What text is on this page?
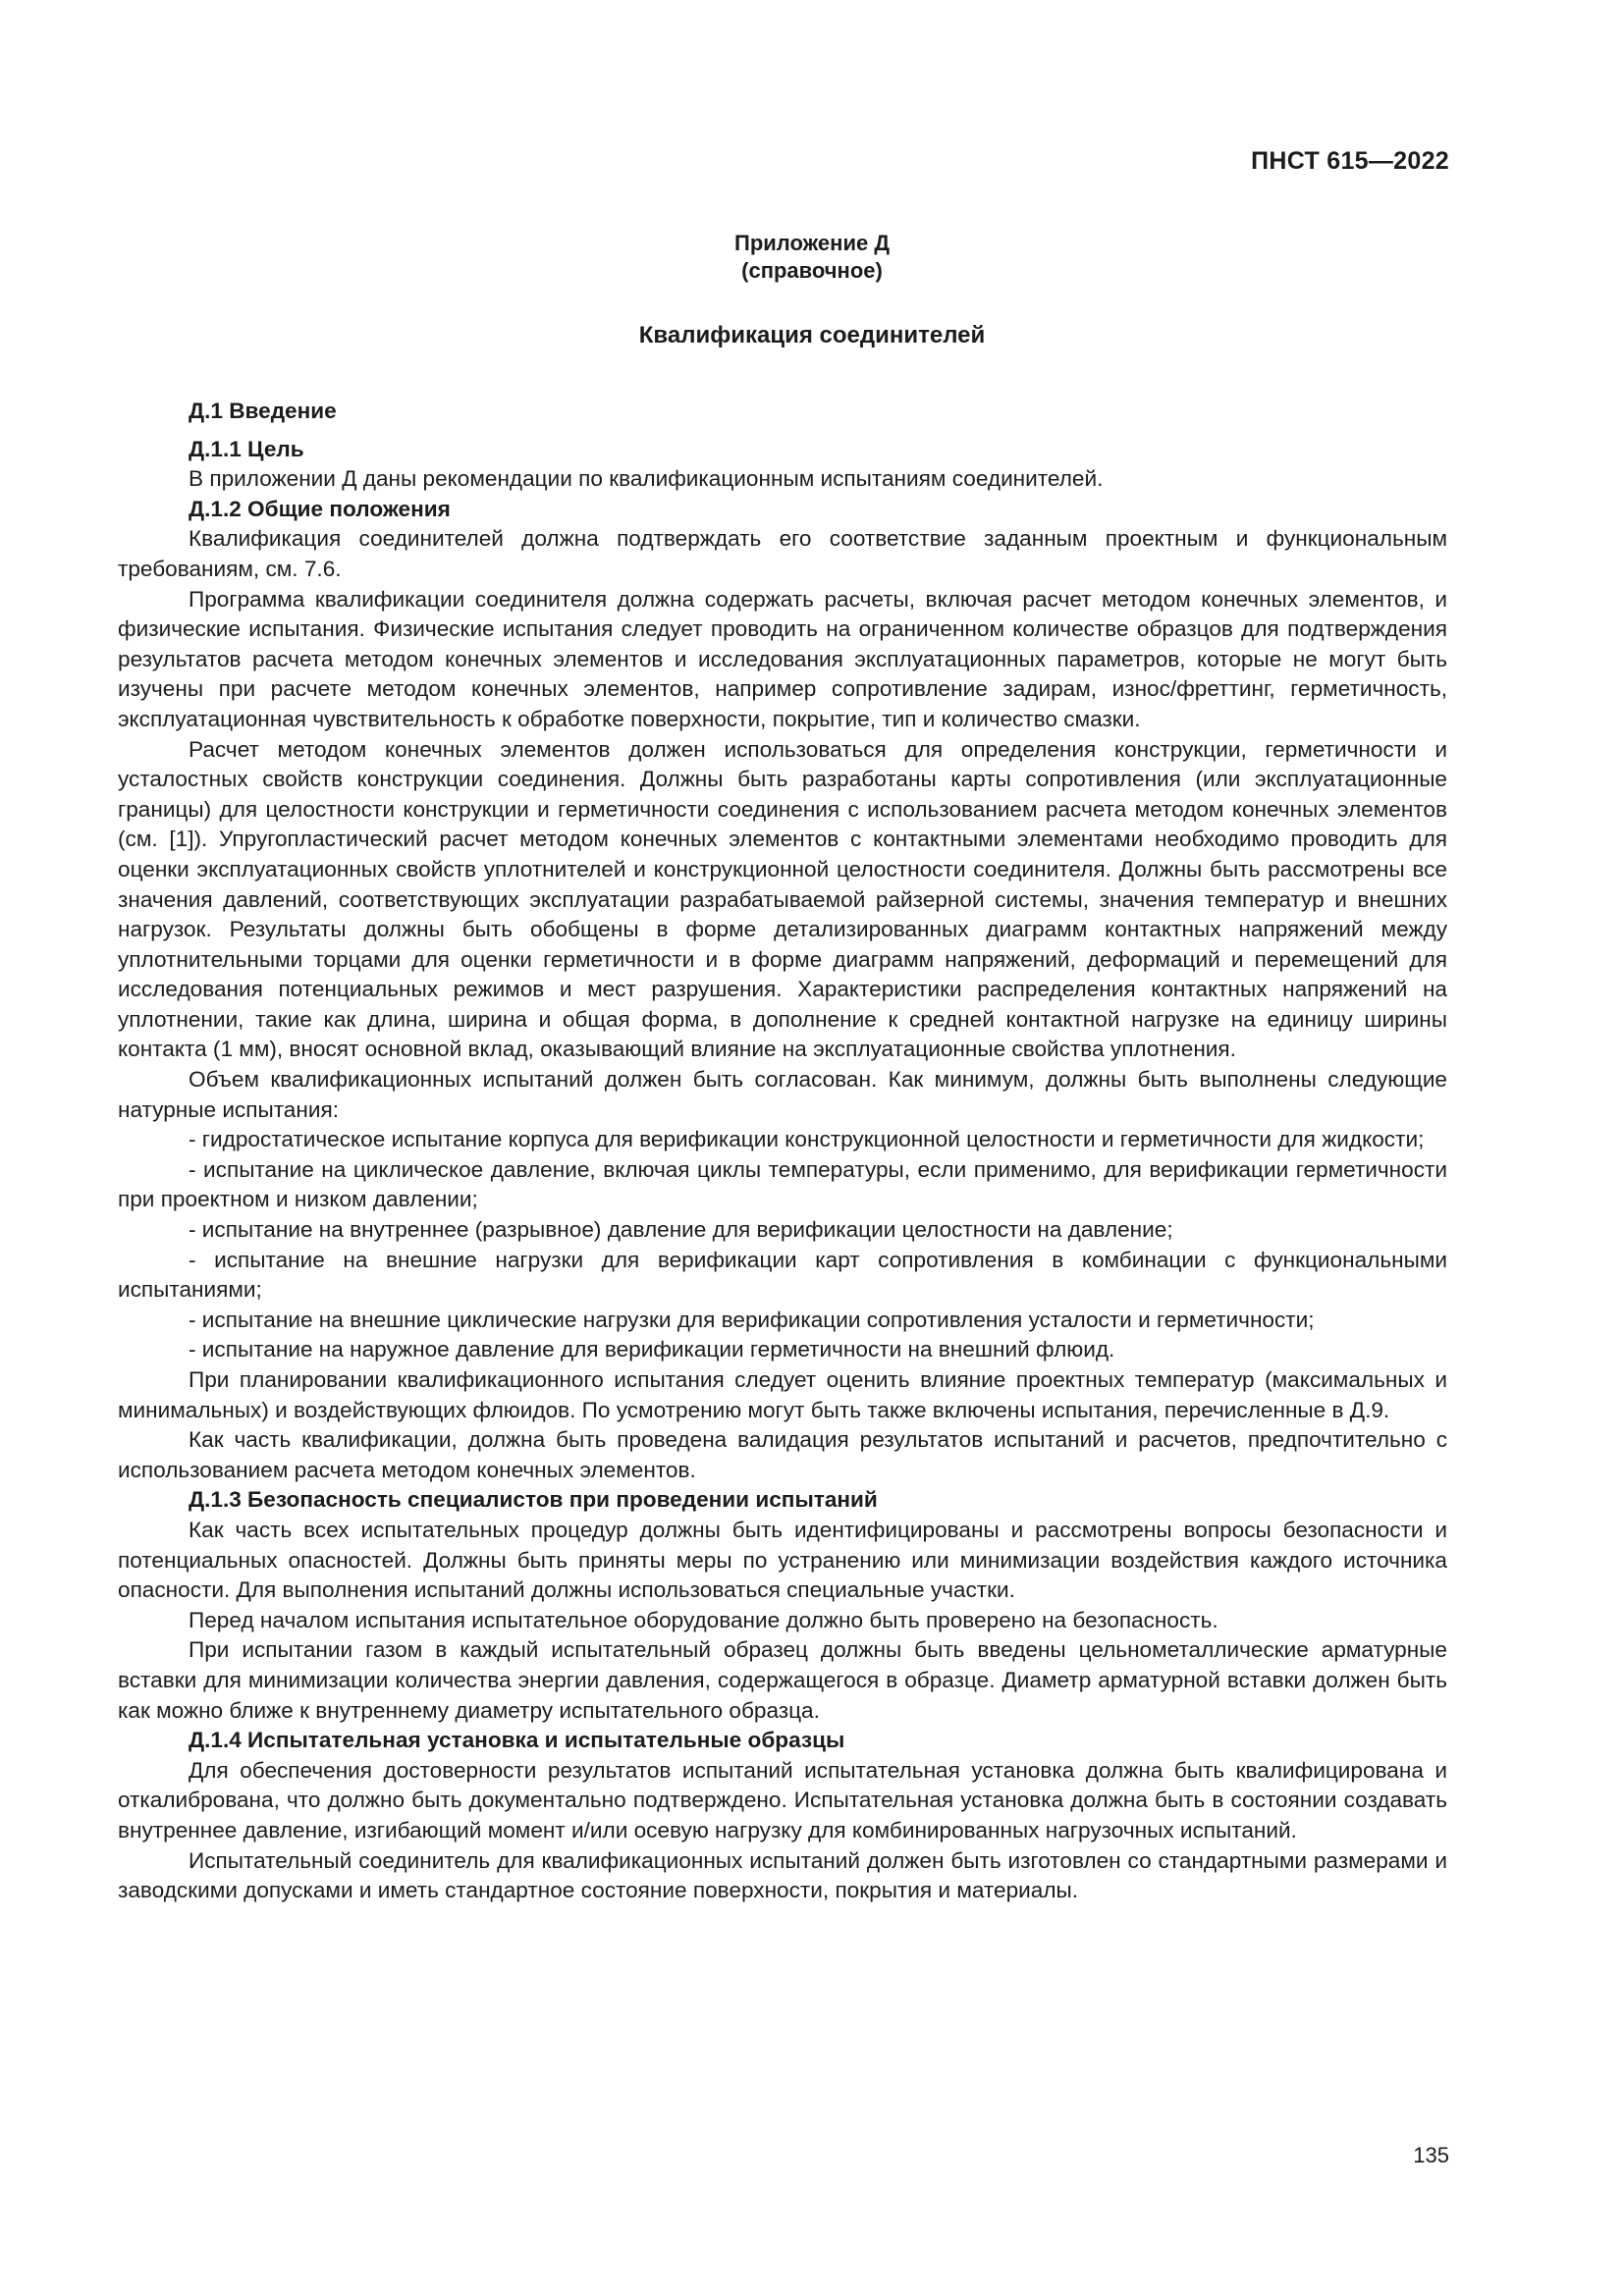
ПНСТ 615—2022

Приложение Д
(справочное)
Квалификация соединителей
Д.1 Введение
Д.1.1 Цель

В приложении Д даны рекомендации по квалификационным испытаниям соединителей.

Д.1.2 Общие положения

Квалификация соединителей должна подтверждать его соответствие заданным проектным и функциональным требованиям, см. 7.6.

Программа квалификации соединителя должна содержать расчеты, включая расчет методом конечных элементов, и физические испытания. Физические испытания следует проводить на ограниченном количестве образцов для подтверждения результатов расчета методом конечных элементов и исследования эксплуатационных параметров, которые не могут быть изучены при расчете методом конечных элементов, например сопротивление задирам, износ/фреттинг, герметичность, эксплуатационная чувствительность к обработке поверхности, покрытие, тип и количество смазки.

Расчет методом конечных элементов должен использоваться для определения конструкции, герметичности и усталостных свойств конструкции соединения. Должны быть разработаны карты сопротивления (или эксплуатационные границы) для целостности конструкции и герметичности соединения с использованием расчета методом конечных элементов (см. [1]). Упругопластический расчет методом конечных элементов с контактными элементами необходимо проводить для оценки эксплуатационных свойств уплотнителей и конструкционной целостности соединителя. Должны быть рассмотрены все значения давлений, соответствующих эксплуатации разрабатываемой райзерной системы, значения температур и внешних нагрузок. Результаты должны быть обобщены в форме детализированных диаграмм контактных напряжений между уплотнительными торцами для оценки герметичности и в форме диаграмм напряжений, деформаций и перемещений для исследования потенциальных режимов и мест разрушения. Характеристики распределения контактных напряжений на уплотнении, такие как длина, ширина и общая форма, в дополнение к средней контактной нагрузке на единицу ширины контакта (1 мм), вносят основной вклад, оказывающий влияние на эксплуатационные свойства уплотнения.

Объем квалификационных испытаний должен быть согласован. Как минимум, должны быть выполнены следующие натурные испытания:

- гидростатическое испытание корпуса для верификации конструкционной целостности и герметичности для жидкости;

- испытание на циклическое давление, включая циклы температуры, если применимо, для верификации герметичности при проектном и низком давлении;

- испытание на внутреннее (разрывное) давление для верификации целостности на давление;

- испытание на внешние нагрузки для верификации карт сопротивления в комбинации с функциональными испытаниями;

- испытание на внешние циклические нагрузки для верификации сопротивления усталости и герметичности;

- испытание на наружное давление для верификации герметичности на внешний флюид.

При планировании квалификационного испытания следует оценить влияние проектных температур (максимальных и минимальных) и воздействующих флюидов. По усмотрению могут быть также включены испытания, перечисленные в Д.9.

Как часть квалификации, должна быть проведена валидация результатов испытаний и расчетов, предпочтительно с использованием расчета методом конечных элементов.

Д.1.3 Безопасность специалистов при проведении испытаний

Как часть всех испытательных процедур должны быть идентифицированы и рассмотрены вопросы безопасности и потенциальных опасностей. Должны быть приняты меры по устранению или минимизации воздействия каждого источника опасности. Для выполнения испытаний должны использоваться специальные участки.

Перед началом испытания испытательное оборудование должно быть проверено на безопасность.

При испытании газом в каждый испытательный образец должны быть введены цельнометаллические арматурные вставки для минимизации количества энергии давления, содержащегося в образце. Диаметр арматурной вставки должен быть как можно ближе к внутреннему диаметру испытательного образца.

Д.1.4 Испытательная установка и испытательные образцы

Для обеспечения достоверности результатов испытаний испытательная установка должна быть квалифицирована и откалибрована, что должно быть документально подтверждено. Испытательная установка должна быть в состоянии создавать внутреннее давление, изгибающий момент и/или осевую нагрузку для комбинированных нагрузочных испытаний.

Испытательный соединитель для квалификационных испытаний должен быть изготовлен со стандартными размерами и заводскими допусками и иметь стандартное состояние поверхности, покрытия и материалы.

135
